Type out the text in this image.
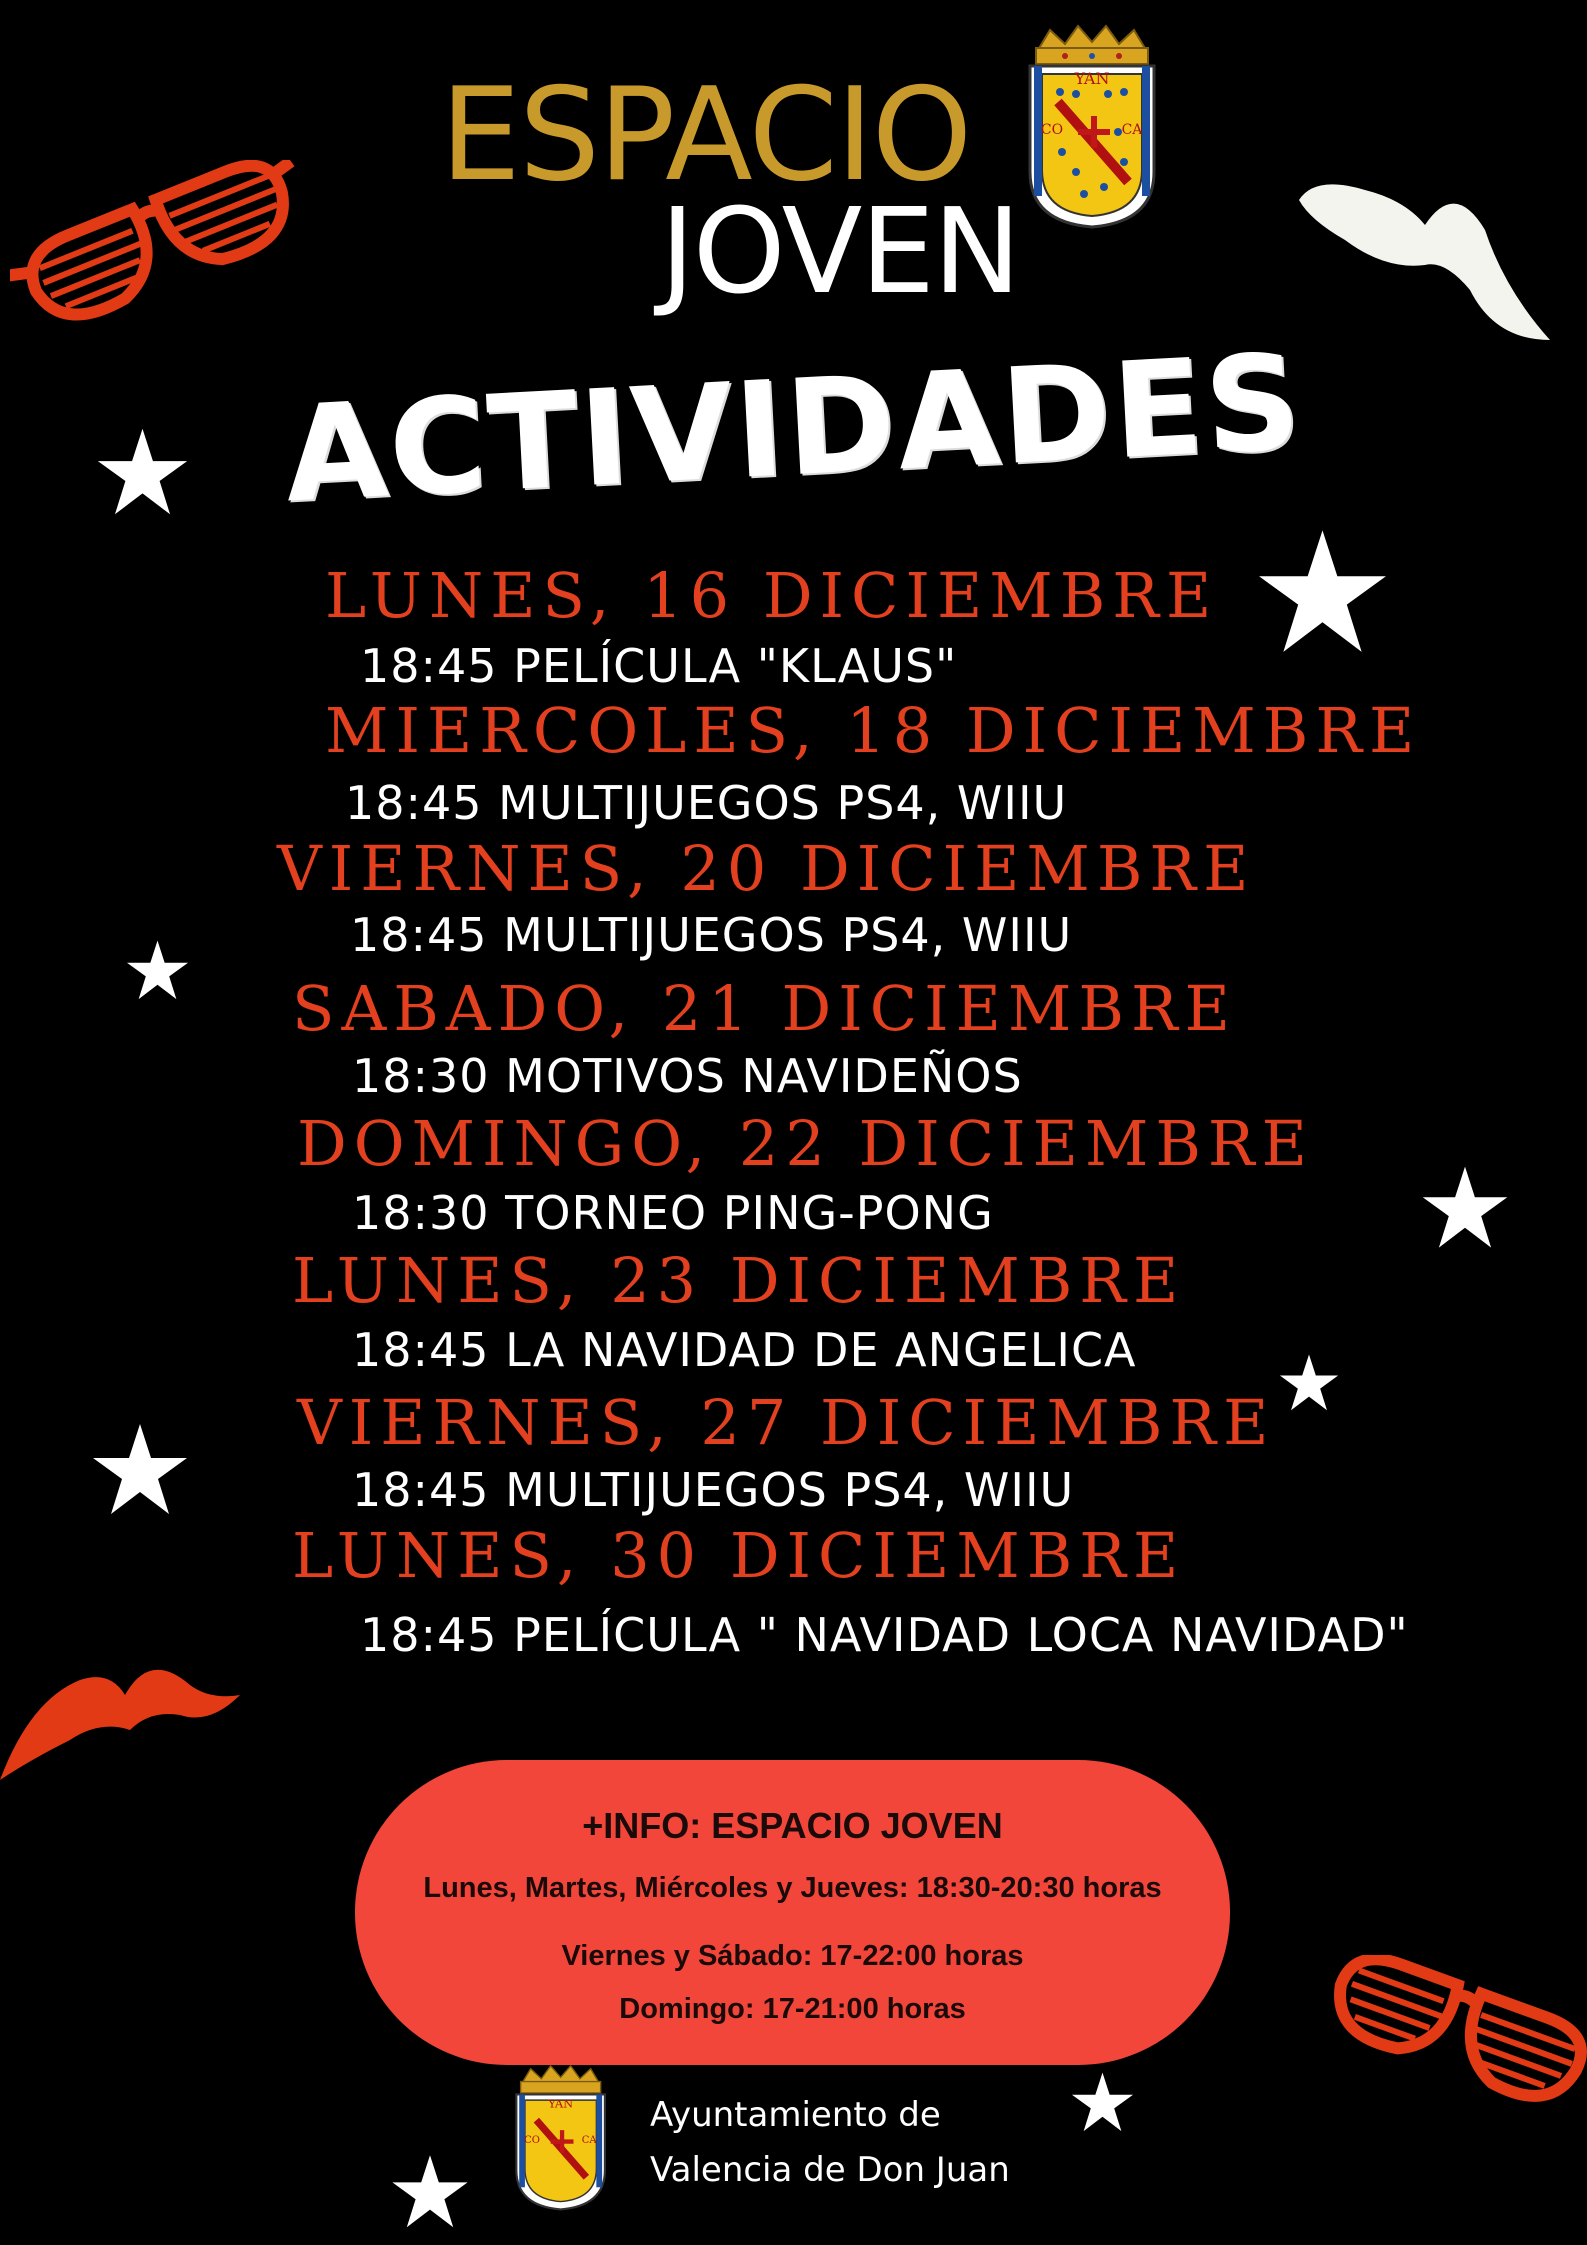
ESPACIO
JOVEN
YAN
CO	CA
ACTIVIDADES
LUNES, 16 DICIEMBRE
18:45 PELÍCULA "KLAUS"
MIERCOLES, 18 DICIEMBRE
18:45 MULTIJUEGOS PS4, WIIU
VIERNES, 20 DICIEMBRE
18:45 MULTIJUEGOS PS4, WIIU
SABADO, 21 DICIEMBRE
18:30 MOTIVOS NAVIDEÑOS
DOMINGO, 22 DICIEMBRE
18:30 TORNEO PING-PONG
LUNES, 23 DICIEMBRE
18:45 LA NAVIDAD DE ANGELICA
VIERNES, 27 DICIEMBRE
18:45 MULTIJUEGOS PS4, WIIU
LUNES, 30 DICIEMBRE
18:45 PELÍCULA " NAVIDAD LOCA NAVIDAD"
+INFO: ESPACIO JOVEN
Lunes, Martes, Miércoles y Jueves: 18:30-20:30 horas
Viernes y Sábado: 17-22:00 horas
Domingo: 17-21:00 horas
YAN
CO	CA
Ayuntamiento de
Valencia de Don Juan
